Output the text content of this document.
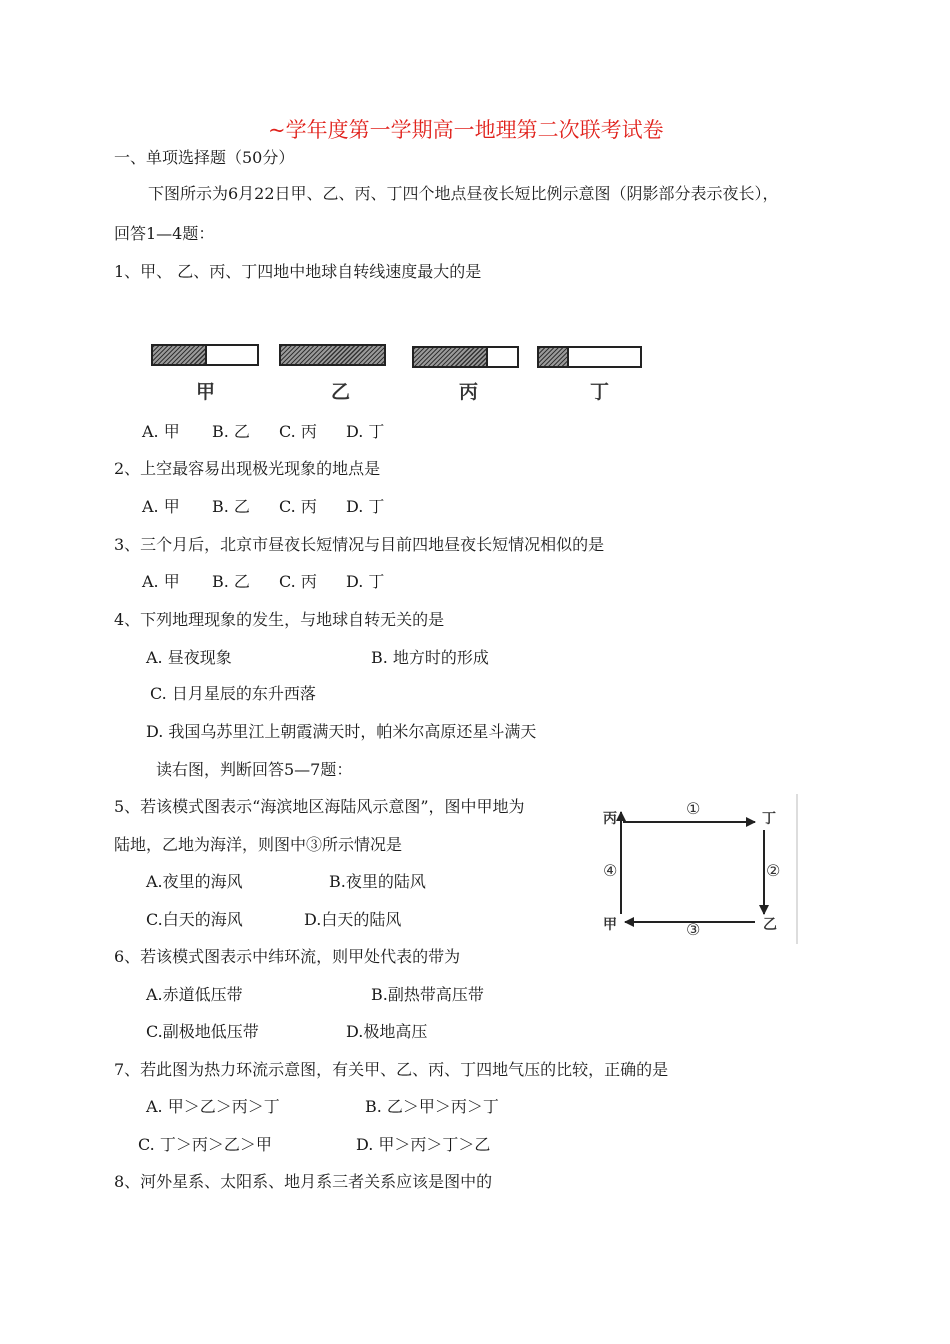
~学年度第一学期高一地理第二次联考试卷
一、单项选择题（50分）
下图所示为6月22日甲、乙、丙、丁四个地点昼夜长短比例示意图（阴影部分表示夜长），
回答1—4题：
1、甲、 乙、丙、丁四地中地球自转线速度最大的是
甲	乙	丙	丁
A. 甲 B. 乙 C. 丙 D. 丁
2、上空最容易出现极光现象的地点是
A. 甲 B. 乙 C. 丙 D. 丁
3、三个月后，北京市昼夜长短情况与目前四地昼夜长短情况相似的是
A. 甲 B. 乙 C. 丙 D. 丁
4、下列地理现象的发生，与地球自转无关的是
A. 昼夜现象	B. 地方时的形成
C. 日月星辰的东升西落
D. 我国乌苏里江上朝霞满天时，帕米尔高原还星斗满天
读右图，判断回答5—7题：
5、若该模式图表示“海滨地区海陆风示意图”，图中甲地为
陆地，乙地为海洋，则图中③所示情况是
A.夜里的海风	B.夜里的陆风
C.白天的海风	D.白天的陆风
丙	丁
甲	乙
①
②
③
④
6、若该模式图表示中纬环流，则甲处代表的带为
A.赤道低压带	B.副热带高压带
C.副极地低压带	D.极地高压
7、若此图为热力环流示意图，有关甲、乙、丙、丁四地气压的比较，正确的是
A. 甲＞乙＞丙＞丁	B. 乙＞甲＞丙＞丁
C. 丁＞丙＞乙＞甲	D. 甲＞丙＞丁＞乙
8、河外星系、太阳系、地月系三者关系应该是图中的
